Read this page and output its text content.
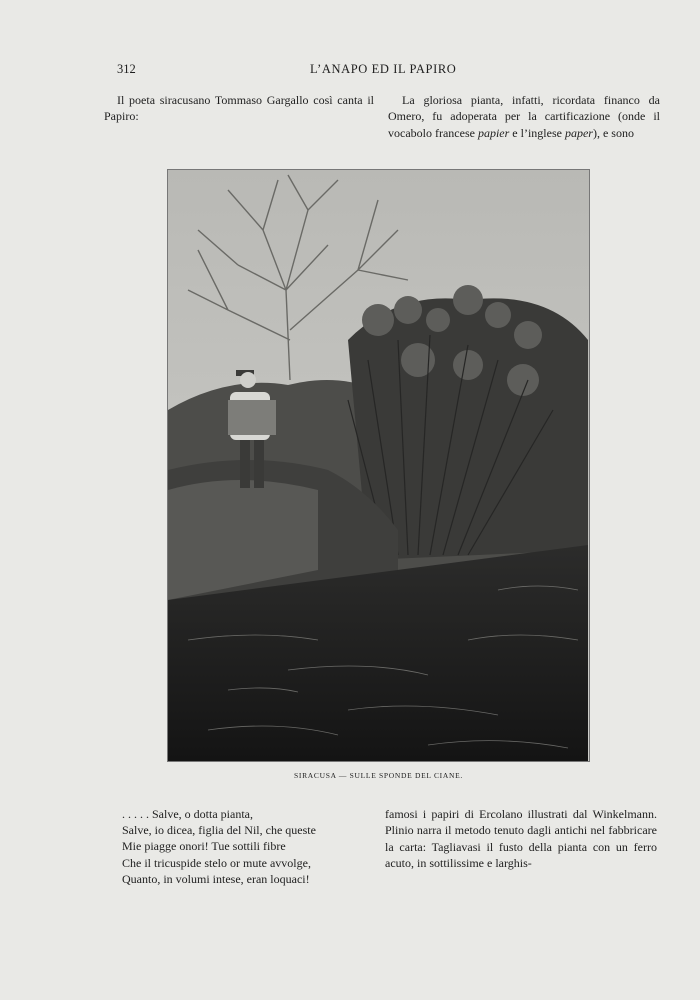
312	L’ANAPO ED IL PAPIRO
Il poeta siracusano Tommaso Gargallo così canta il Papiro:
La gloriosa pianta, infatti, ricordata financo da Omero, fu adoperata per la cartificazione (onde il vocabolo francese papier e l’inglese paper), e sono
SIRACUSA — SULLE SPONDE DEL CIANE.
. . . . . Salve, o dotta pianta,
Salve, io dicea, figlia del Nil, che queste
Mie piagge onori! Tue sottili fibre
Che il tricuspide stelo or mute avvolge,
Quanto, in volumi intese, eran loquaci!
famosi i papiri di Ercolano illustrati dal Winkelmann. Plinio narra il metodo tenuto dagli antichi nel fabbricare la carta: Tagliavasi il fusto della pianta con un ferro acuto, in sottilissime e larghis-
